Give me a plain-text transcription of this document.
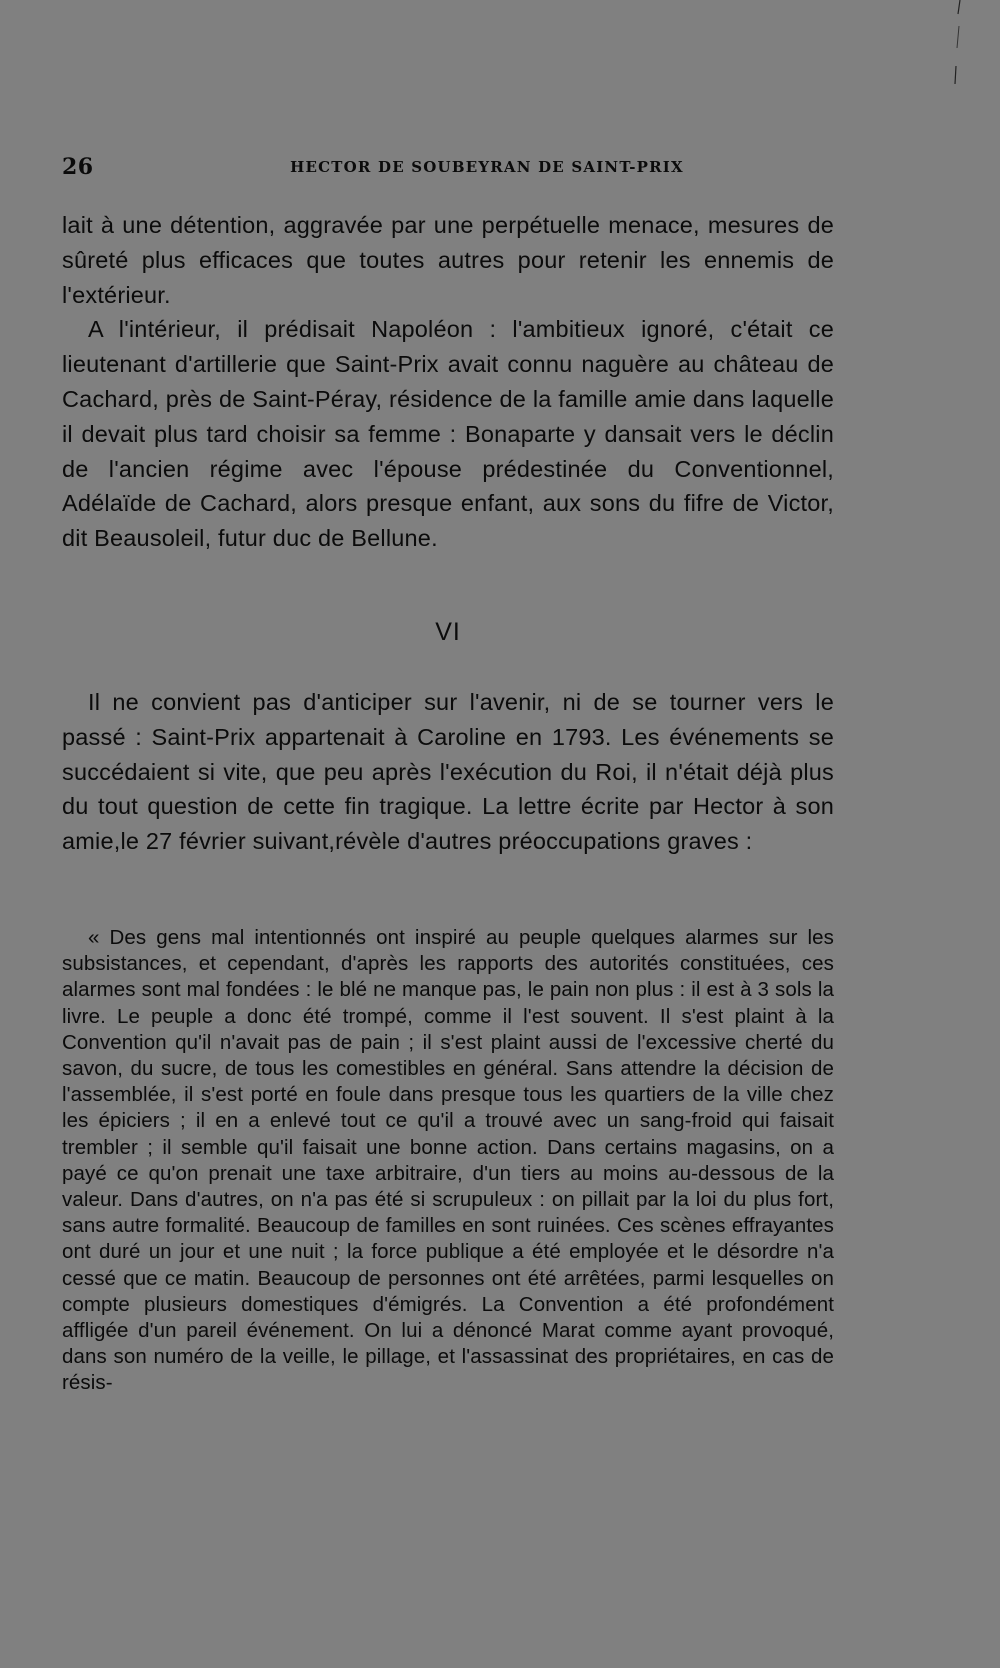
26	HECTOR DE SOUBEYRAN DE SAINT-PRIX

lait à une détention, aggravée par une perpétuelle menace, mesures de sûreté plus efficaces que toutes autres pour retenir les ennemis de l'extérieur.

A l'intérieur, il prédisait Napoléon : l'ambitieux ignoré, c'était ce lieutenant d'artillerie que Saint-Prix avait connu naguère au château de Cachard, près de Saint-Péray, résidence de la famille amie dans laquelle il devait plus tard choisir sa femme : Bonaparte y dansait vers le déclin de l'ancien régime avec l'épouse prédestinée du Conventionnel, Adélaïde de Cachard, alors presque enfant, aux sons du fifre de Victor, dit Beausoleil, futur duc de Bellune.

VI

Il ne convient pas d'anticiper sur l'avenir, ni de se tourner vers le passé : Saint-Prix appartenait à Caroline en 1793. Les événements se succédaient si vite, que peu après l'exécution du Roi, il n'était déjà plus du tout question de cette fin tragique. La lettre écrite par Hector à son amie,le 27 février suivant,révèle d'autres préoccupations graves :

« Des gens mal intentionnés ont inspiré au peuple quelques alarmes sur les subsistances, et cependant, d'après les rapports des autorités constituées, ces alarmes sont mal fondées : le blé ne manque pas, le pain non plus : il est à 3 sols la livre. Le peuple a donc été trompé, comme il l'est souvent. Il s'est plaint à la Convention qu'il n'avait pas de pain ; il s'est plaint aussi de l'excessive cherté du savon, du sucre, de tous les comestibles en général. Sans attendre la décision de l'assemblée, il s'est porté en foule dans presque tous les quartiers de la ville chez les épiciers ; il en a enlevé tout ce qu'il a trouvé avec un sang-froid qui faisait trembler ; il semble qu'il faisait une bonne action. Dans certains magasins, on a payé ce qu'on prenait une taxe arbitraire, d'un tiers au moins au-dessous de la valeur. Dans d'autres, on n'a pas été si scrupuleux : on pillait par la loi du plus fort, sans autre formalité. Beaucoup de familles en sont ruinées. Ces scènes effrayantes ont duré un jour et une nuit ; la force publique a été employée et le désordre n'a cessé que ce matin. Beaucoup de personnes ont été arrêtées, parmi lesquelles on compte plusieurs domestiques d'émigrés. La Convention a été profondément affligée d'un pareil événement. On lui a dénoncé Marat comme ayant provoqué, dans son numéro de la veille, le pillage, et l'assassinat des propriétaires, en cas de résis-
